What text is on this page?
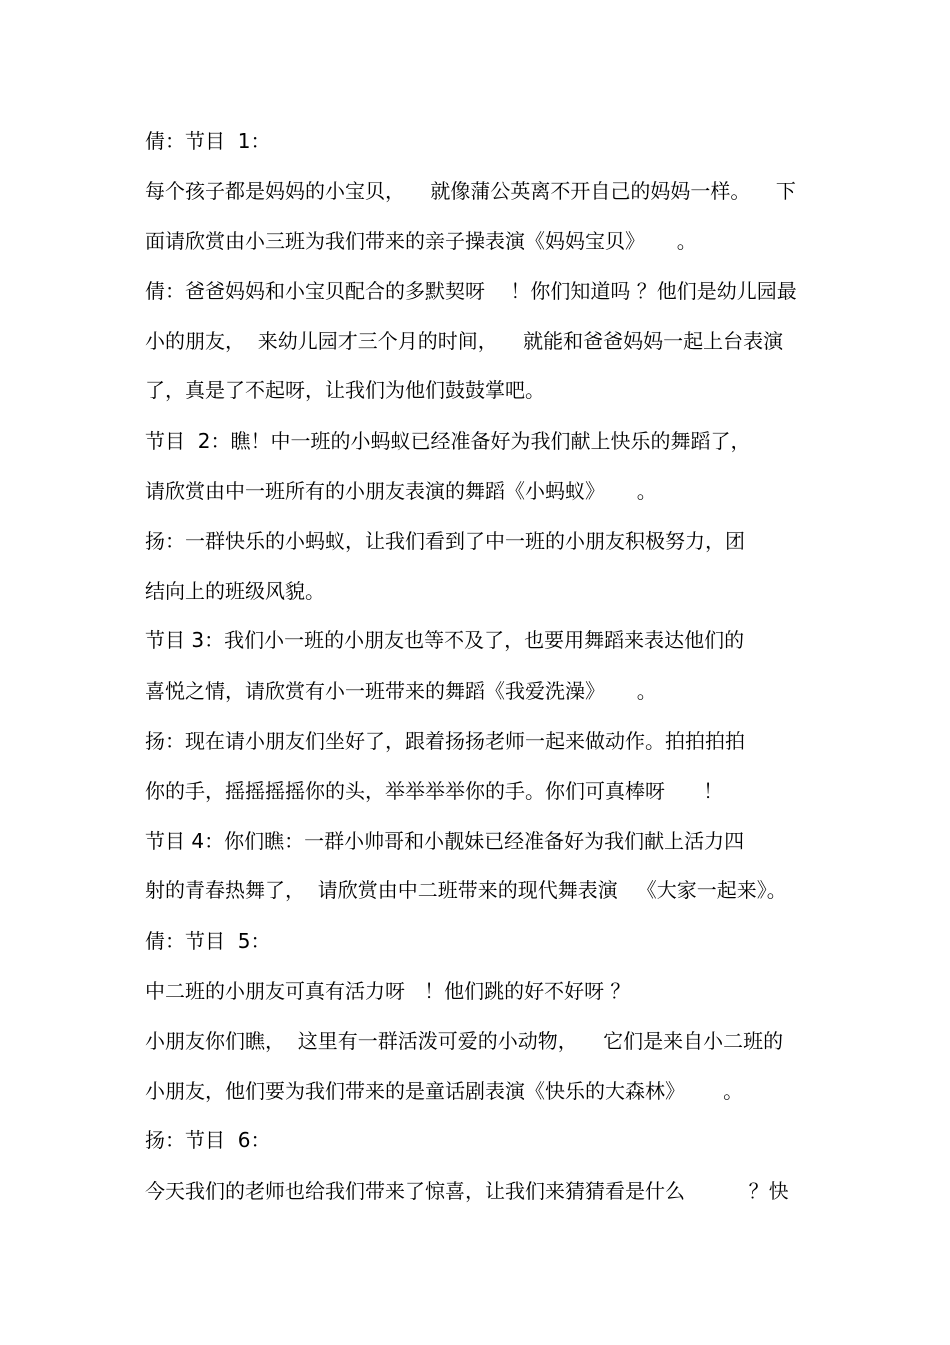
倩：节目  1：
每个孩子都是妈妈的小宝贝，    就像蒲公英离不开自己的妈妈一样。    下
面请欣赏由小三班为我们带来的亲子操表演《妈妈宝贝》     。
倩：爸爸妈妈和小宝贝配合的多默契呀    ！你们知道吗 ？他们是幼儿园最
小的朋友，  来幼儿园才三个月的时间，    就能和爸爸妈妈一起上台表演
了，真是了不起呀，让我们为他们鼓鼓掌吧。
节目  2：瞧！中一班的小蚂蚁已经准备好为我们献上快乐的舞蹈了，
请欣赏由中一班所有的小朋友表演的舞蹈《小蚂蚁》     。
扬：一群快乐的小蚂蚁，让我们看到了中一班的小朋友积极努力，团
结向上的班级风貌。
节目 3：我们小一班的小朋友也等不及了，也要用舞蹈来表达他们的
喜悦之情，请欣赏有小一班带来的舞蹈《我爱洗澡》     。
扬：现在请小朋友们坐好了，跟着扬扬老师一起来做动作。拍拍拍拍
你的手，摇摇摇摇你的头，举举举举你的手。你们可真棒呀      ！
节目 4：你们瞧：一群小帅哥和小靓妹已经准备好为我们献上活力四
射的青春热舞了，  请欣赏由中二班带来的现代舞表演   《大家一起来》。
倩：节目  5：
中二班的小朋友可真有活力呀   ！他们跳的好不好呀 ？
小朋友你们瞧，  这里有一群活泼可爱的小动物，    它们是来自小二班的
小朋友，他们要为我们带来的是童话剧表演《快乐的大森林》      。
扬：节目  6：
今天我们的老师也给我们带来了惊喜，让我们来猜猜看是什么          ？快
